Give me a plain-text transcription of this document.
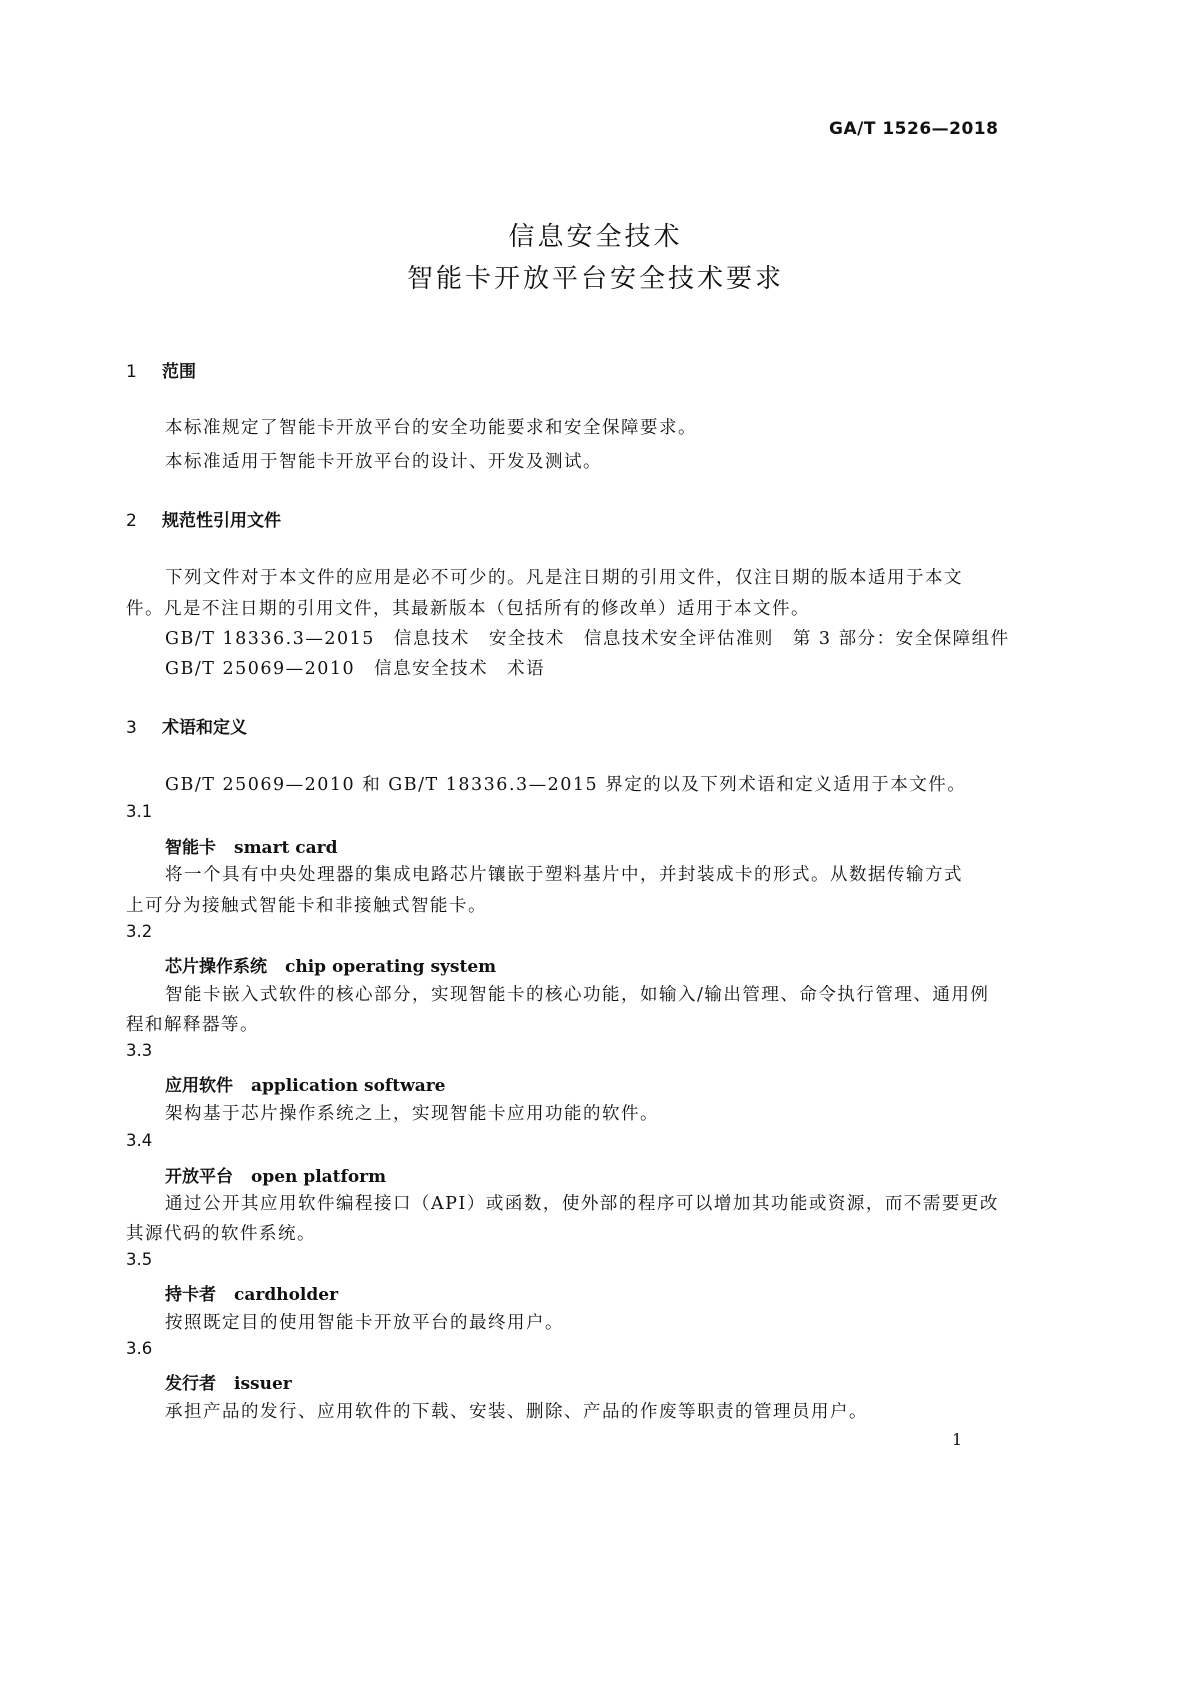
GA/T 1526—2018
信息安全技术
智能卡开放平台安全技术要求
1 范围
本标准规定了智能卡开放平台的安全功能要求和安全保障要求。
本标准适用于智能卡开放平台的设计、开发及测试。
2 规范性引用文件
下列文件对于本文件的应用是必不可少的。凡是注日期的引用文件，仅注日期的版本适用于本文
件。凡是不注日期的引用文件，其最新版本（包括所有的修改单）适用于本文件。
GB/T 18336.3—2015　信息技术　安全技术　信息技术安全评估准则　第 3 部分：安全保障组件
GB/T 25069—2010　信息安全技术　术语
3 术语和定义
GB/T 25069—2010 和 GB/T 18336.3—2015 界定的以及下列术语和定义适用于本文件。
3.1
智能卡 smart card
将一个具有中央处理器的集成电路芯片镶嵌于塑料基片中，并封装成卡的形式。从数据传输方式
上可分为接触式智能卡和非接触式智能卡。
3.2
芯片操作系统 chip operating system
智能卡嵌入式软件的核心部分，实现智能卡的核心功能，如输入/输出管理、命令执行管理、通用例
程和解释器等。
3.3
应用软件 application software
架构基于芯片操作系统之上，实现智能卡应用功能的软件。
3.4
开放平台 open platform
通过公开其应用软件编程接口（API）或函数，使外部的程序可以增加其功能或资源，而不需要更改
其源代码的软件系统。
3.5
持卡者 cardholder
按照既定目的使用智能卡开放平台的最终用户。
3.6
发行者 issuer
承担产品的发行、应用软件的下载、安装、删除、产品的作废等职责的管理员用户。
1
